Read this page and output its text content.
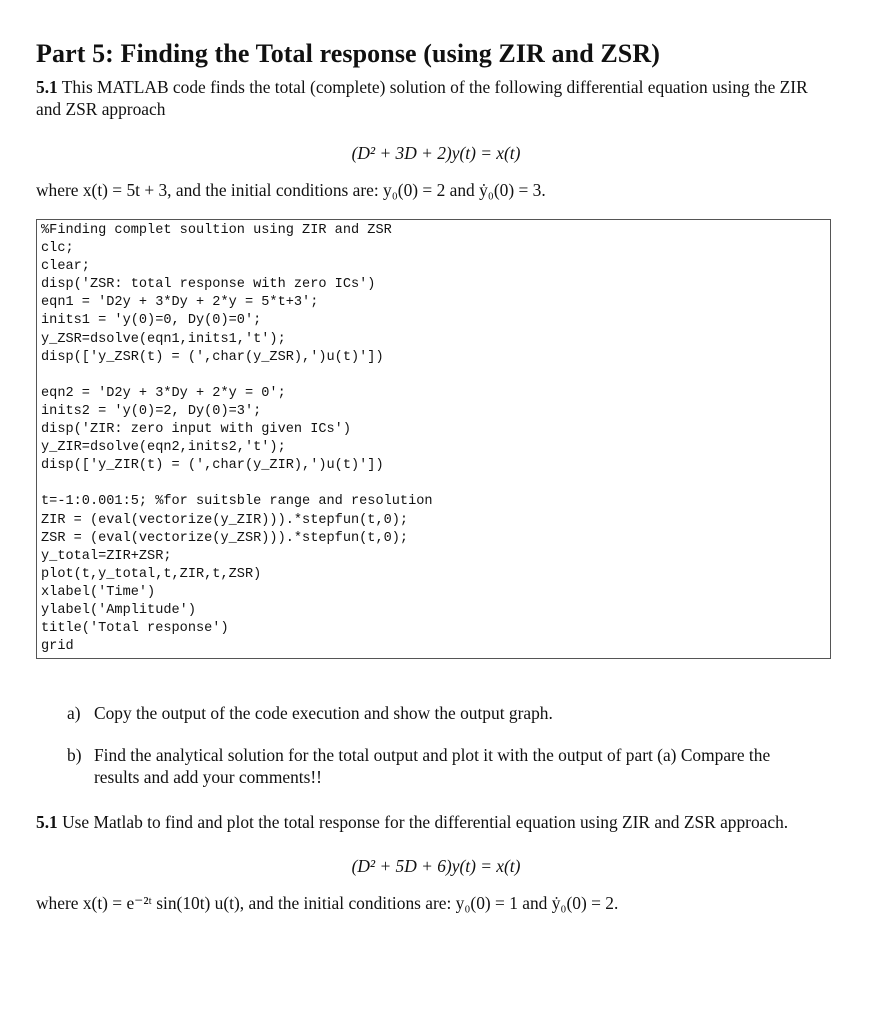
Part 5: Finding the Total response (using ZIR and ZSR)

5.1 This MATLAB code finds the total (complete) solution of the following differential equation using the ZIR and ZSR approach

(D² + 3D + 2)y(t) = x(t)

where x(t) = 5t + 3, and the initial conditions are: y₀(0) = 2 and ẏ₀(0) = 3.

%Finding complet soultion using ZIR and ZSR
clc;
clear;
disp('ZSR: total response with zero ICs')
eqn1 = 'D2y + 3*Dy + 2*y = 5*t+3';
inits1 = 'y(0)=0, Dy(0)=0';
y_ZSR=dsolve(eqn1,inits1,'t');
disp(['y_ZSR(t) = (',char(y_ZSR),')u(t)'])
eqn2 = 'D2y + 3*Dy + 2*y = 0';
inits2 = 'y(0)=2, Dy(0)=3';
disp('ZIR: zero input with given ICs')
y_ZIR=dsolve(eqn2,inits2,'t');
disp(['y_ZIR(t) = (',char(y_ZIR),')u(t)'])
t=-1:0.001:5; %for suitsble range and resolution
ZIR = (eval(vectorize(y_ZIR))).*stepfun(t,0);
ZSR = (eval(vectorize(y_ZSR))).*stepfun(t,0);
y_total=ZIR+ZSR;
plot(t,y_total,t,ZIR,t,ZSR)
xlabel('Time')
ylabel('Amplitude')
title('Total response')
grid
a) Copy the output of the code execution and show the output graph.
b) Find the analytical solution for the total output and plot it with the output of part (a) Compare the results and add your comments!!

5.1 Use Matlab to find and plot the total response for the differential equation using ZIR and ZSR approach.

(D² + 5D + 6)y(t) = x(t)

where x(t) = e⁻²ᵗ sin(10t) u(t), and the initial conditions are: y₀(0) = 1 and ẏ₀(0) = 2.
